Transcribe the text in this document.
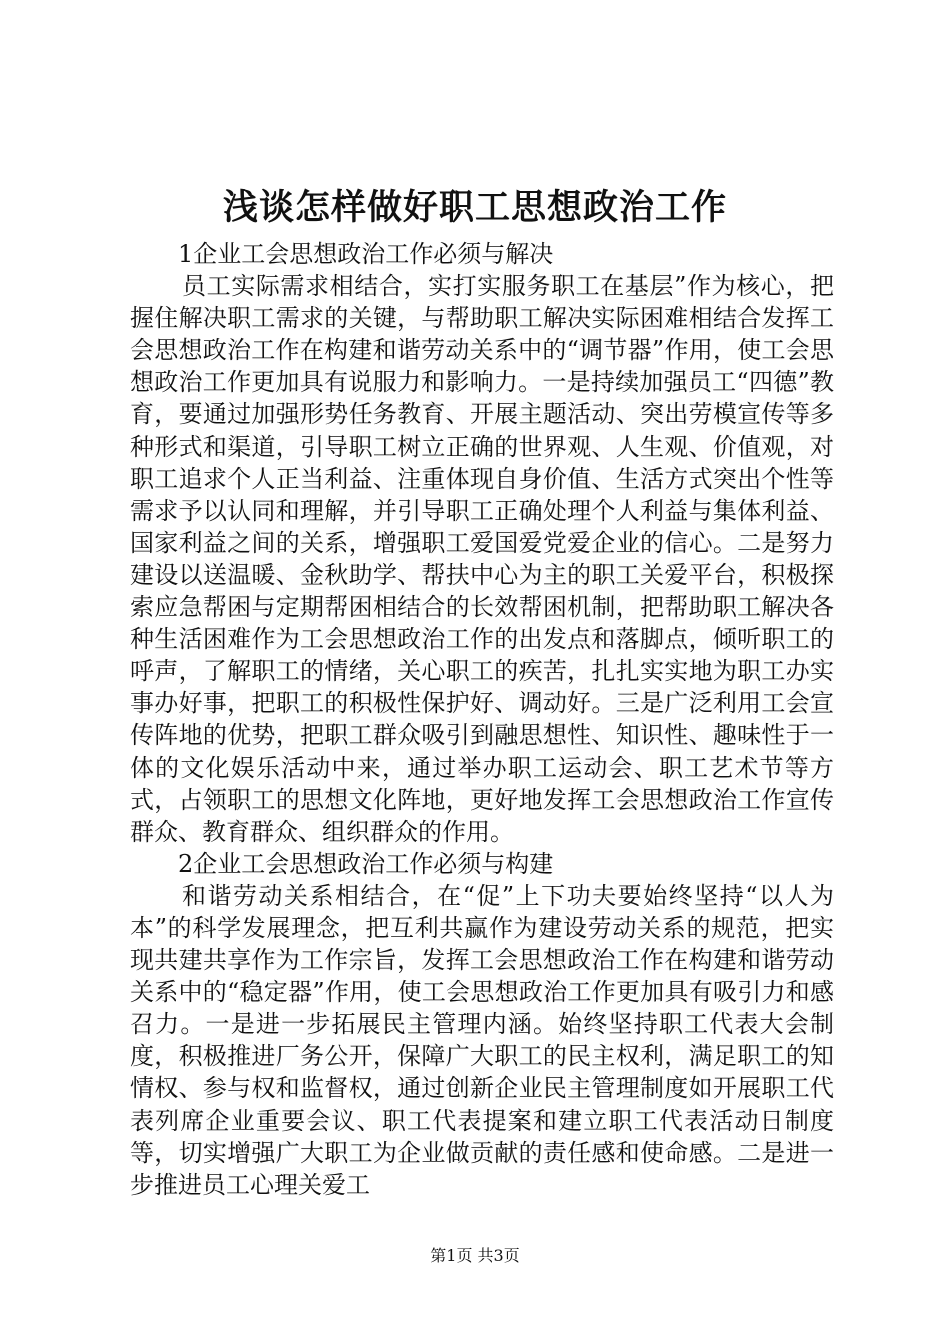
浅谈怎样做好职工思想政治工作

1企业工会思想政治工作必须与解决

员工实际需求相结合，实打实服务职工在基层”作为核心，把握住解决职工需求的关键，与帮助职工解决实际困难相结合发挥工会思想政治工作在构建和谐劳动关系中的“调节器”作用，使工会思想政治工作更加具有说服力和影响力。一是持续加强员工“四德”教育，要通过加强形势任务教育、开展主题活动、突出劳模宣传等多种形式和渠道，引导职工树立正确的世界观、人生观、价值观，对职工追求个人正当利益、注重体现自身价值、生活方式突出个性等需求予以认同和理解，并引导职工正确处理个人利益与集体利益、国家利益之间的关系，增强职工爱国爱党爱企业的信心。二是努力建设以送温暖、金秋助学、帮扶中心为主的职工关爱平台，积极探索应急帮困与定期帮困相结合的长效帮困机制，把帮助职工解决各种生活困难作为工会思想政治工作的出发点和落脚点，倾听职工的呼声，了解职工的情绪，关心职工的疾苦，扎扎实实地为职工办实事办好事，把职工的积极性保护好、调动好。三是广泛利用工会宣传阵地的优势，把职工群众吸引到融思想性、知识性、趣味性于一体的文化娱乐活动中来，通过举办职工运动会、职工艺术节等方式，占领职工的思想文化阵地，更好地发挥工会思想政治工作宣传群众、教育群众、组织群众的作用。

2企业工会思想政治工作必须与构建

和谐劳动关系相结合，在“促”上下功夫要始终坚持“以人为本”的科学发展理念，把互利共赢作为建设劳动关系的规范，把实现共建共享作为工作宗旨，发挥工会思想政治工作在构建和谐劳动关系中的“稳定器”作用，使工会思想政治工作更加具有吸引力和感召力。一是进一步拓展民主管理内涵。始终坚持职工代表大会制度，积极推进厂务公开，保障广大职工的民主权利，满足职工的知情权、参与权和监督权，通过创新企业民主管理制度如开展职工代表列席企业重要会议、职工代表提案和建立职工代表活动日制度等，切实增强广大职工为企业做贡献的责任感和使命感。二是进一步推进员工心理关爱工

第1页 共3页
